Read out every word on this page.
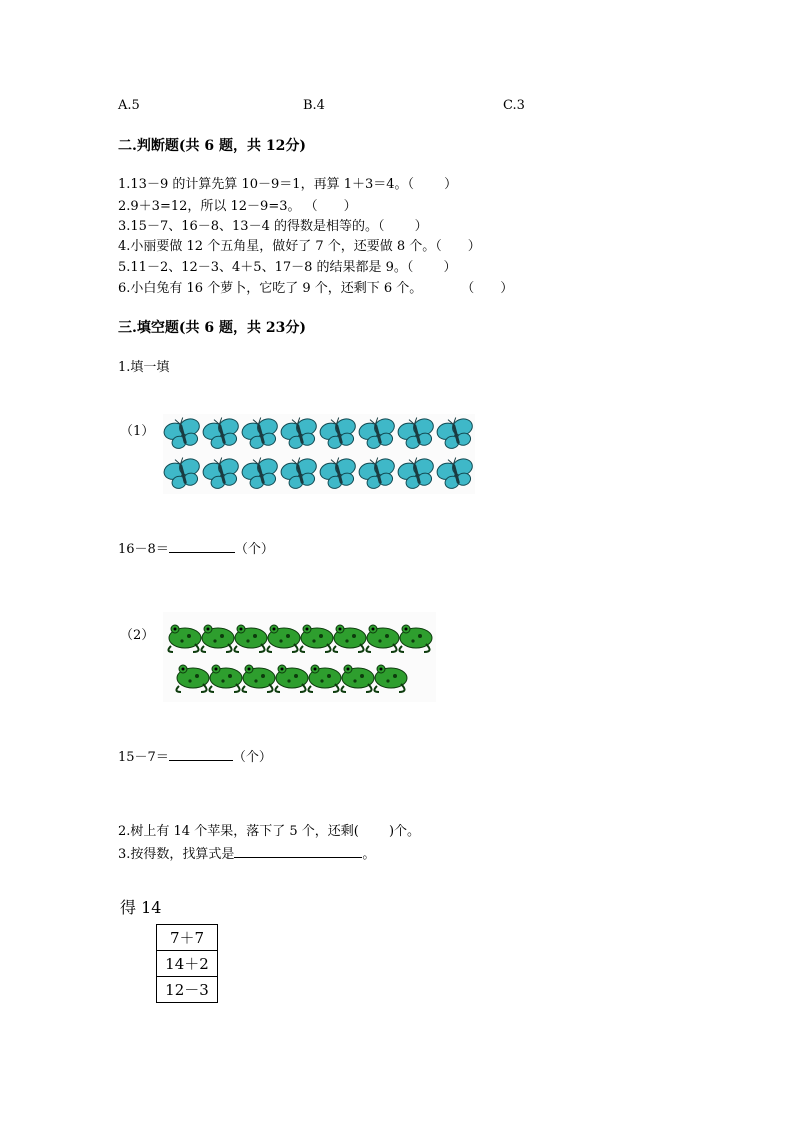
A.5	B.4	C.3
二.判断题(共 6 题，共 12分)
1.13－9 的计算先算 10－9＝1，再算 1＋3＝4。（　　 ）
2.9＋3=12，所以 12－9=3。 （　　）
3.15－7、16－8、13－4 的得数是相等的。（　　 ）
4.小丽要做 12 个五角星，做好了 7 个，还要做 8 个。（　　）
5.11－2、12－3、4＋5、17－8 的结果都是 9。（　　 ）
6.小白兔有 16 个萝卜，它吃了 9 个，还剩下 6 个。　　　　（　　）
三.填空题(共 6 题，共 23分)
1.填一填
（1）
16－8＝	（个）
（2）
15－7＝	（个）
2.树上有 14 个苹果，落下了 5 个，还剩(　　 )个。
3.按得数，找算式是	。
得 14
7＋7
14＋2
12－3
